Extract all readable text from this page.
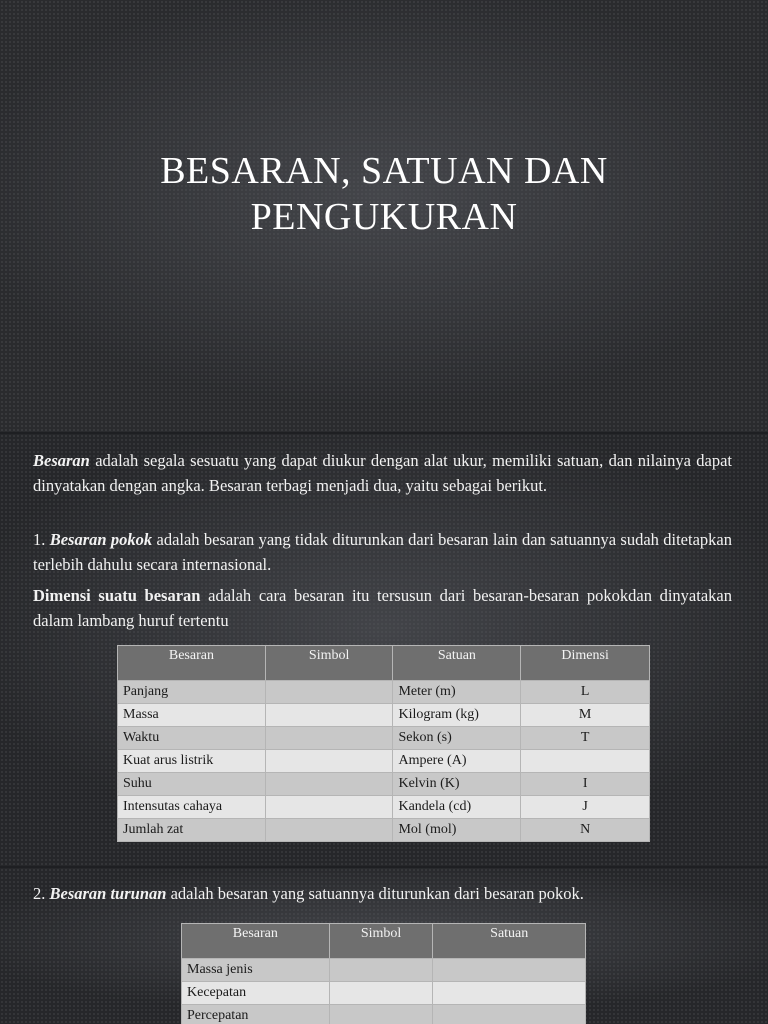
BESARAN, SATUAN DAN PENGUKURAN

Besaran adalah segala sesuatu yang dapat diukur dengan alat ukur, memiliki satuan, dan nilainya dapat dinyatakan dengan angka. Besaran terbagi menjadi dua, yaitu sebagai berikut.

1. Besaran pokok adalah besaran yang tidak diturunkan dari besaran lain dan satuannya sudah ditetapkan terlebih dahulu secara internasional.

Dimensi suatu besaran adalah cara besaran itu tersusun dari besaran-besaran pokokdan dinyatakan dalam lambang huruf tertentu

Besaran	Simbol	Satuan	Dimensi
Panjang		Meter (m)	L
Massa		Kilogram (kg)	M
Waktu		Sekon (s)	T
Kuat arus listrik		Ampere (A)	
Suhu		Kelvin (K)	I
Intensutas cahaya		Kandela (cd)	J
Jumlah zat		Mol (mol)	N

2. Besaran turunan adalah besaran yang satuannya diturunkan dari besaran pokok.

Besaran	Simbol	Satuan
Massa jenis		
Kecepatan		
Percepatan		
